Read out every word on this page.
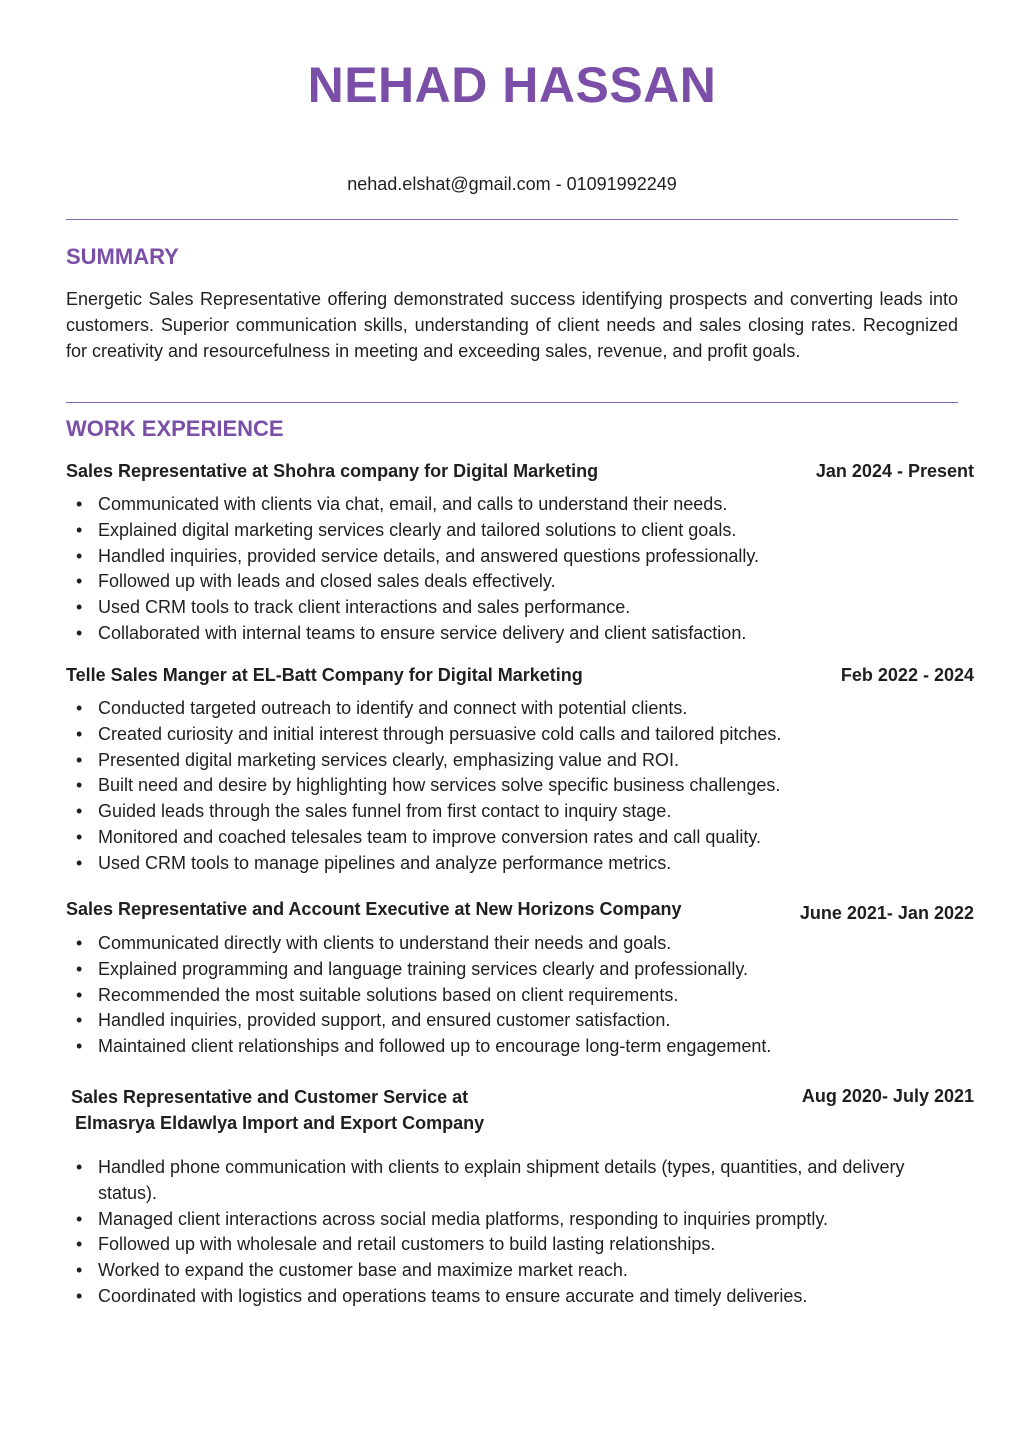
NEHAD HASSAN
nehad.elshat@gmail.com - 01091992249
SUMMARY
Energetic Sales Representative offering demonstrated success identifying prospects and converting leads into customers. Superior communication skills, understanding of client needs and sales closing rates. Recognized for creativity and resourcefulness in meeting and exceeding sales, revenue, and profit goals.
WORK EXPERIENCE
Sales Representative at Shohra company for Digital Marketing	Jan 2024 - Present
• Communicated with clients via chat, email, and calls to understand their needs.
• Explained digital marketing services clearly and tailored solutions to client goals.
• Handled inquiries, provided service details, and answered questions professionally.
• Followed up with leads and closed sales deals effectively.
• Used CRM tools to track client interactions and sales performance.
• Collaborated with internal teams to ensure service delivery and client satisfaction.
Telle Sales Manger at EL-Batt Company for Digital Marketing	Feb 2022 - 2024
• Conducted targeted outreach to identify and connect with potential clients.
• Created curiosity and initial interest through persuasive cold calls and tailored pitches.
• Presented digital marketing services clearly, emphasizing value and ROI.
• Built need and desire by highlighting how services solve specific business challenges.
• Guided leads through the sales funnel from first contact to inquiry stage.
• Monitored and coached telesales team to improve conversion rates and call quality.
• Used CRM tools to manage pipelines and analyze performance metrics.
Sales Representative and Account Executive at New Horizons Company	June 2021- Jan 2022
• Communicated directly with clients to understand their needs and goals.
• Explained programming and language training services clearly and professionally.
• Recommended the most suitable solutions based on client requirements.
• Handled inquiries, provided support, and ensured customer satisfaction.
• Maintained client relationships and followed up to encourage long-term engagement.
Sales Representative and Customer Service at
Elmasrya Eldawlya Import and Export Company
Aug 2020- July 2021
• Handled phone communication with clients to explain shipment details (types, quantities, and delivery status).
• Managed client interactions across social media platforms, responding to inquiries promptly.
• Followed up with wholesale and retail customers to build lasting relationships.
• Worked to expand the customer base and maximize market reach.
• Coordinated with logistics and operations teams to ensure accurate and timely deliveries.
